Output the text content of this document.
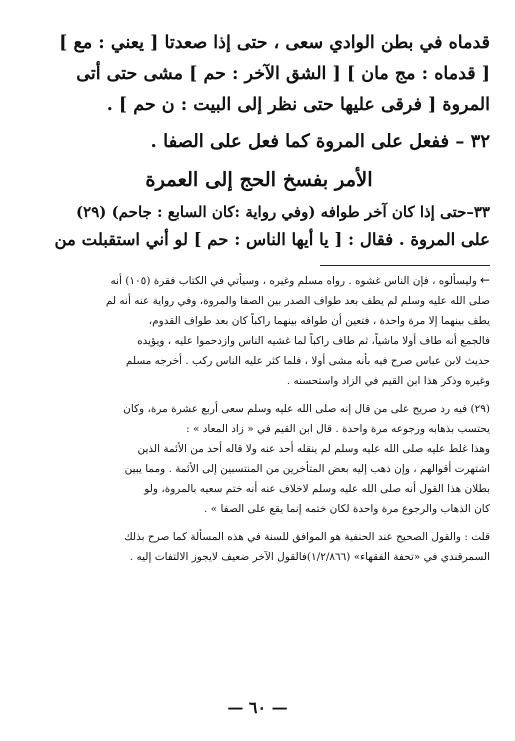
قدماه في بطن الوادي سعى ، حتى إذا صعدتا [ يعني : مع ]
[ قدماه : مج مان ] [ الشق الآخر : حم ] مشى حتى أتى
المروة [ فرقى عليها حتى نظر إلى البيت : ن حم ] .
٣٢ – ففعل على المروة كما فعل على الصفا .
الأمر بفسخ الحج إلى العمرة
٣٣–حتى إذا كان آخر طوافه (وفي رواية :كان السابع : جاحم) (٢٩)
على المروة . فقال : [ يا أيها الناس : حم ] لو أني استقبلت من
←وليسألوه ، فإن الناس غشوه . رواه مسلم وغيره ، وسيأتي في الكتاب فقرة (١٠٥) أنه
صلى الله عليه وسلم لم يطف بعد طواف الصدر بين الصفا والمروة، وفي رواية عنه أنه لم
يطف بينهما إلا مرة واحدة ، فتعين أن طوافه بينهما راكباً كان بعد طواف القدوم،
فالجمع أنه طاف أولا ماشياً، ثم طاف راكباً لما غشيه الناس وازدحموا عليه ، ويؤيده
حديث لابن عباس صرح فيه بأنه مشى أولا ، فلما كثر عليه الناس ركب . أخرجه مسلم
وغيره وذكر هذا ابن القيم في الزاد واستحسنه .
(٢٩) فيه رد صريح على من قال إنه صلى الله عليه وسلم سعى أربع عشرة مرة، وكان
يحتسب بذهابه ورجوعه مرة واحدة . قال ابن القيم في « زاد المعاد » :
وهذا غلط عليه صلى الله عليه وسلم لم ينقله أحد عنه ولا قاله أحد من الأئمة الذين
اشتهرت أقوالهم ، وإن ذهب إليه بعض المتأخرين من المنتسبين إلى الأئمة . ومما يبين
بطلان هذا القول أنه صلى الله عليه وسلم لاخلاف عنه أنه ختم سعيه بالمروة، ولو
كان الذهاب والرجوع مرة واحدة لكان ختمه إنما يقع على الصفا » .
قلت : والقول الصحيح عند الحنفية هو الموافق للسنة في هذه المسألة كما صرح بذلك
السمرقندي في «تحفة الفقهاء» (١/٢/٨٦٦)فالقول الآخر ضعيف لايجوز الالتفات إليه .
— ٦٠ —
